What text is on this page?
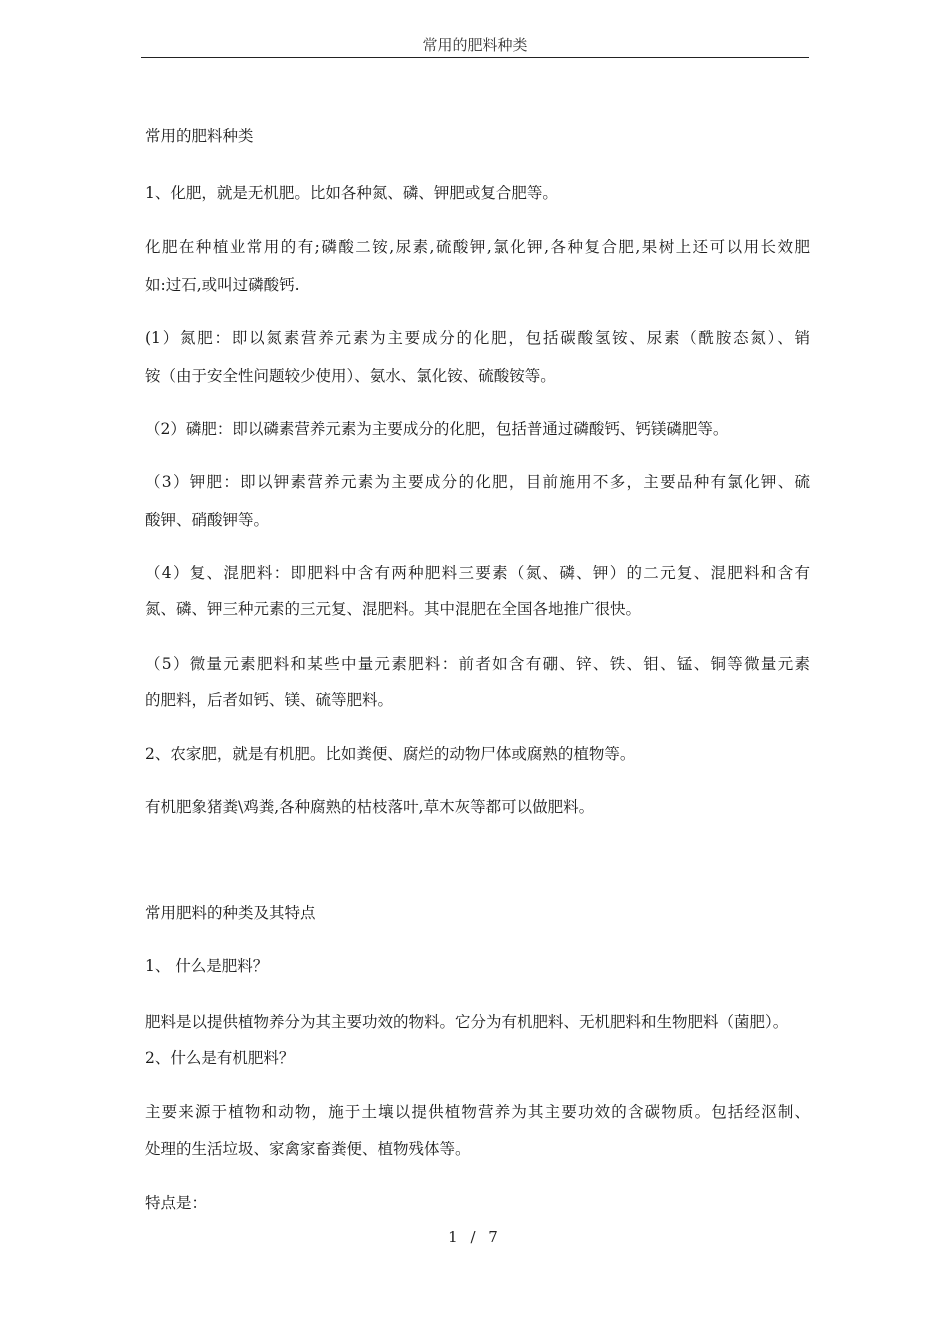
常用的肥料种类
常用的肥料种类
1、化肥，就是无机肥。比如各种氮、磷、钾肥或复合肥等。
化肥在种植业常用的有;磷酸二铵,尿素,硫酸钾,氯化钾,各种复合肥,果树上还可以用长效肥
如:过石,或叫过磷酸钙.
(1）氮肥：即以氮素营养元素为主要成分的化肥，包括碳酸氢铵、尿素（酰胺态氮）、销
铵（由于安全性问题较少使用）、氨水、氯化铵、硫酸铵等。
（2）磷肥：即以磷素营养元素为主要成分的化肥，包括普通过磷酸钙、钙镁磷肥等。
（3）钾肥：即以钾素营养元素为主要成分的化肥，目前施用不多，主要品种有氯化钾、硫
酸钾、硝酸钾等。
（4）复、混肥料：即肥料中含有两种肥料三要素（氮、磷、钾）的二元复、混肥料和含有
氮、磷、钾三种元素的三元复、混肥料。其中混肥在全国各地推广很快。
（5）微量元素肥料和某些中量元素肥料：前者如含有硼、锌、铁、钼、锰、铜等微量元素
的肥料，后者如钙、镁、硫等肥料。
2、农家肥，就是有机肥。比如粪便、腐烂的动物尸体或腐熟的植物等。
有机肥象猪粪\鸡粪,各种腐熟的枯枝落叶,草木灰等都可以做肥料。
常用肥料的种类及其特点
1、 什么是肥料？
肥料是以提供植物养分为其主要功效的物料。它分为有机肥料、无机肥料和生物肥料（菌肥）。
2、什么是有机肥料？
主要来源于植物和动物，施于土壤以提供植物营养为其主要功效的含碳物质。包括经沤制、
处理的生活垃圾、家禽家畜粪便、植物残体等。
特点是：
1 / 7
